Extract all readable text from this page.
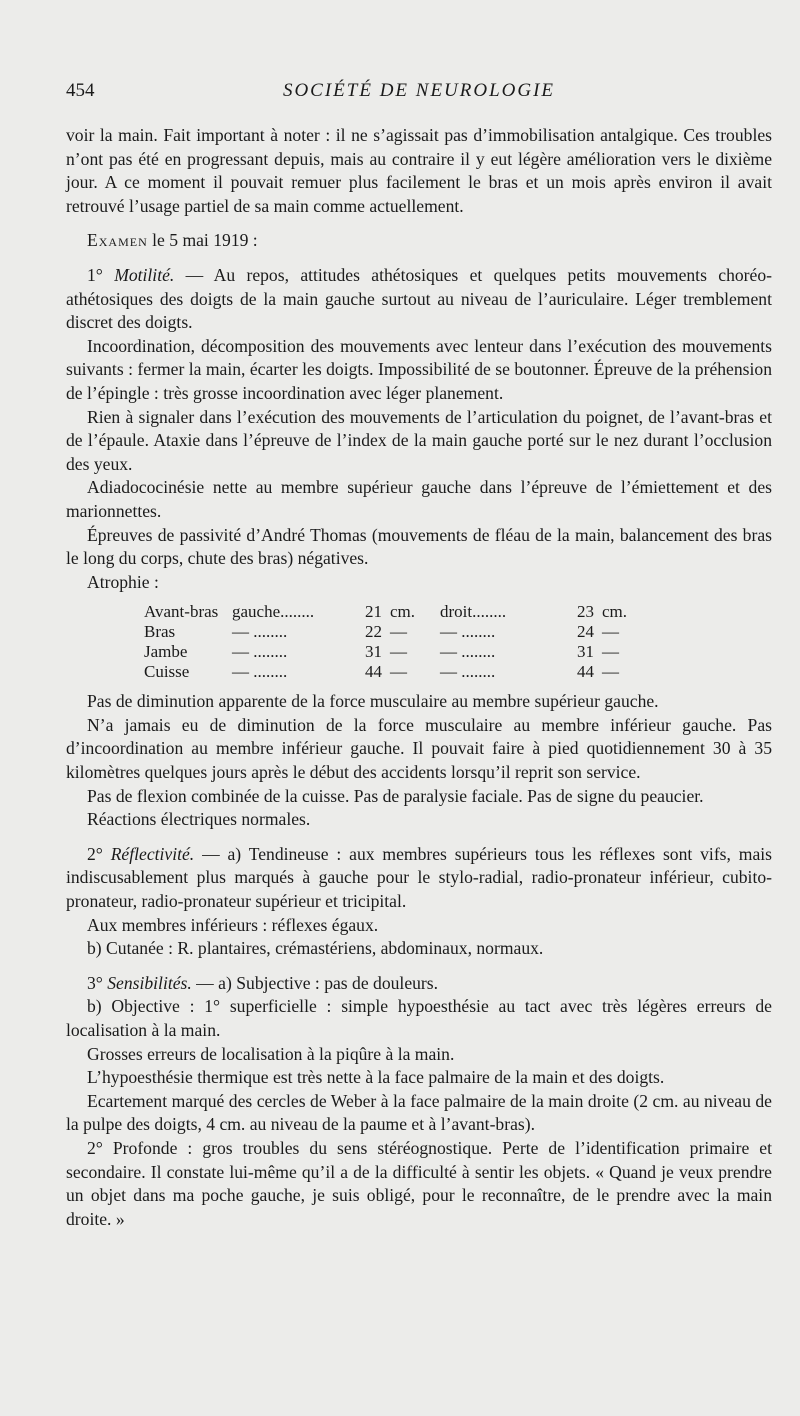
454	SOCIÉTÉ DE NEUROLOGIE

voir la main. Fait important à noter : il ne s’agissait pas d’immobilisation antalgique. Ces troubles n’ont pas été en progressant depuis, mais au contraire il y eut légère amélioration vers le dixième jour. A ce moment il pouvait remuer plus facilement le bras et un mois après environ il avait retrouvé l’usage partiel de sa main comme actuellement.

Examen le 5 mai 1919 :

1° Motilité. — Au repos, attitudes athétosiques et quelques petits mouvements choréo-athétosiques des doigts de la main gauche surtout au niveau de l’auriculaire. Léger tremblement discret des doigts.

Incoordination, décomposition des mouvements avec lenteur dans l’exécution des mouvements suivants : fermer la main, écarter les doigts. Impossibilité de se boutonner. Épreuve de la préhension de l’épingle : très grosse incoordination avec léger planement.

Rien à signaler dans l’exécution des mouvements de l’articulation du poignet, de l’avant-bras et de l’épaule. Ataxie dans l’épreuve de l’index de la main gauche porté sur le nez durant l’occlusion des yeux.

Adiadococinésie nette au membre supérieur gauche dans l’épreuve de l’émiettement et des marionnettes.

Épreuves de passivité d’André Thomas (mouvements de fléau de la main, balancement des bras le long du corps, chute des bras) négatives.

Atrophie :

Avant-bras	gauche........	21	cm.	droit........	23	cm.
Bras	— ........	22	—	— ........	24	—
Jambe	— ........	31	—	— ........	31	—
Cuisse	— ........	44	—	— ........	44	—

Pas de diminution apparente de la force musculaire au membre supérieur gauche.

N’a jamais eu de diminution de la force musculaire au membre inférieur gauche. Pas d’incoordination au membre inférieur gauche. Il pouvait faire à pied quotidiennement 30 à 35 kilomètres quelques jours après le début des accidents lorsqu’il reprit son service.

Pas de flexion combinée de la cuisse. Pas de paralysie faciale. Pas de signe du peaucier.

Réactions électriques normales.

2° Réflectivité. — a) Tendineuse : aux membres supérieurs tous les réflexes sont vifs, mais indiscusablement plus marqués à gauche pour le stylo-radial, radio-pronateur inférieur, cubito-pronateur, radio-pronateur supérieur et tricipital.

Aux membres inférieurs : réflexes égaux.

b) Cutanée : R. plantaires, crémastériens, abdominaux, normaux.

3° Sensibilités. — a) Subjective : pas de douleurs.

b) Objective : 1° superficielle : simple hypoesthésie au tact avec très légères erreurs de localisation à la main.

Grosses erreurs de localisation à la piqûre à la main.

L’hypoesthésie thermique est très nette à la face palmaire de la main et des doigts.

Ecartement marqué des cercles de Weber à la face palmaire de la main droite (2 cm. au niveau de la pulpe des doigts, 4 cm. au niveau de la paume et à l’avant-bras).

2° Profonde : gros troubles du sens stéréognostique. Perte de l’identification primaire et secondaire. Il constate lui-même qu’il a de la difficulté à sentir les objets. « Quand je veux prendre un objet dans ma poche gauche, je suis obligé, pour le reconnaître, de le prendre avec la main droite. »
